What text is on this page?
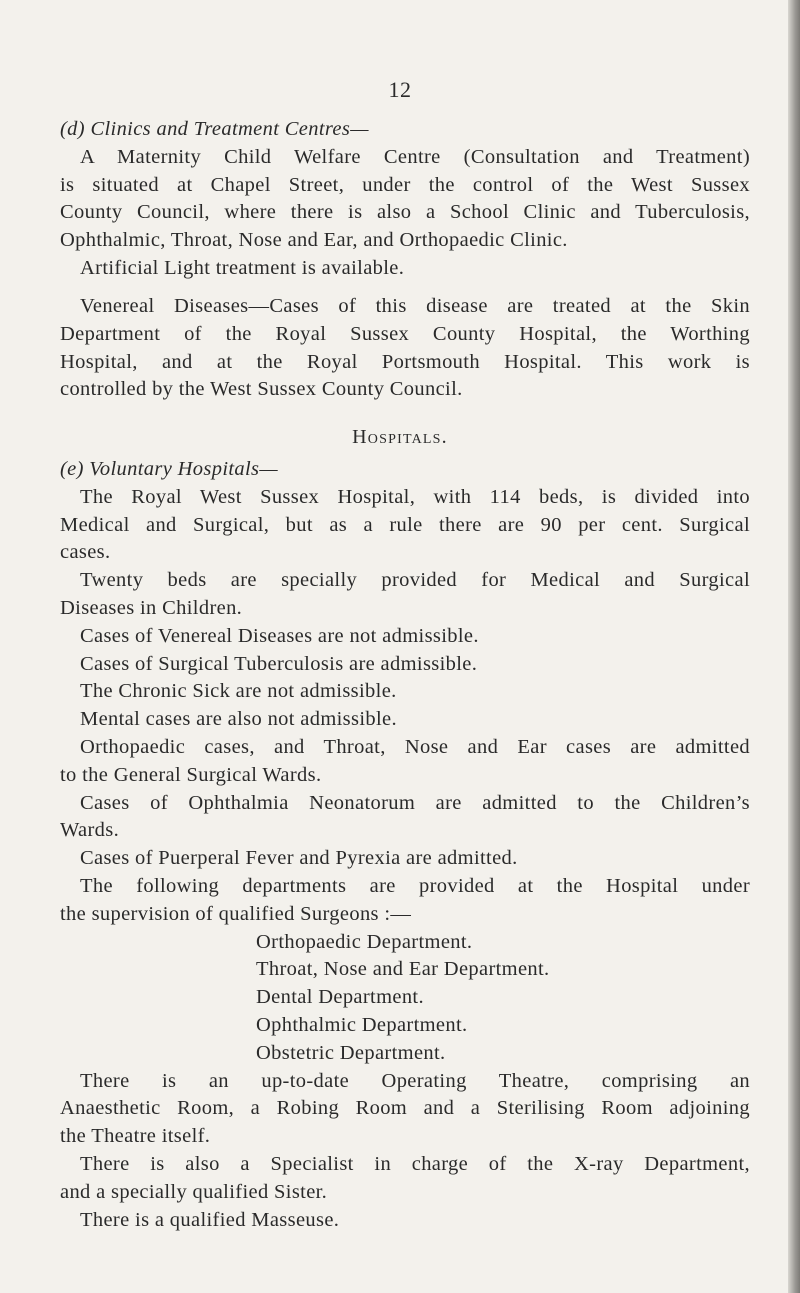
12
(d) Clinics and Treatment Centres—
A Maternity Child Welfare Centre (Consultation and Treatment)
is situated at Chapel Street, under the control of the West Sussex
County Council, where there is also a School Clinic and Tuberculosis,
Ophthalmic, Throat, Nose and Ear, and Orthopaedic Clinic.
Artificial Light treatment is available.
Venereal Diseases—Cases of this disease are treated at the Skin
Department of the Royal Sussex County Hospital, the Worthing
Hospital, and at the Royal Portsmouth Hospital. This work is
controlled by the West Sussex County Council.
Hospitals.
(e) Voluntary Hospitals—
The Royal West Sussex Hospital, with 114 beds, is divided into
Medical and Surgical, but as a rule there are 90 per cent. Surgical
cases.
Twenty beds are specially provided for Medical and Surgical
Diseases in Children.
Cases of Venereal Diseases are not admissible.
Cases of Surgical Tuberculosis are admissible.
The Chronic Sick are not admissible.
Mental cases are also not admissible.
Orthopaedic cases, and Throat, Nose and Ear cases are admitted
to the General Surgical Wards.
Cases of Ophthalmia Neonatorum are admitted to the Children’s
Wards.
Cases of Puerperal Fever and Pyrexia are admitted.
The following departments are provided at the Hospital under
the supervision of qualified Surgeons :—
Orthopaedic Department.
Throat, Nose and Ear Department.
Dental Department.
Ophthalmic Department.
Obstetric Department.
There is an up-to-date Operating Theatre, comprising an
Anaesthetic Room, a Robing Room and a Sterilising Room adjoining
the Theatre itself.
There is also a Specialist in charge of the X-ray Department,
and a specially qualified Sister.
There is a qualified Masseuse.
